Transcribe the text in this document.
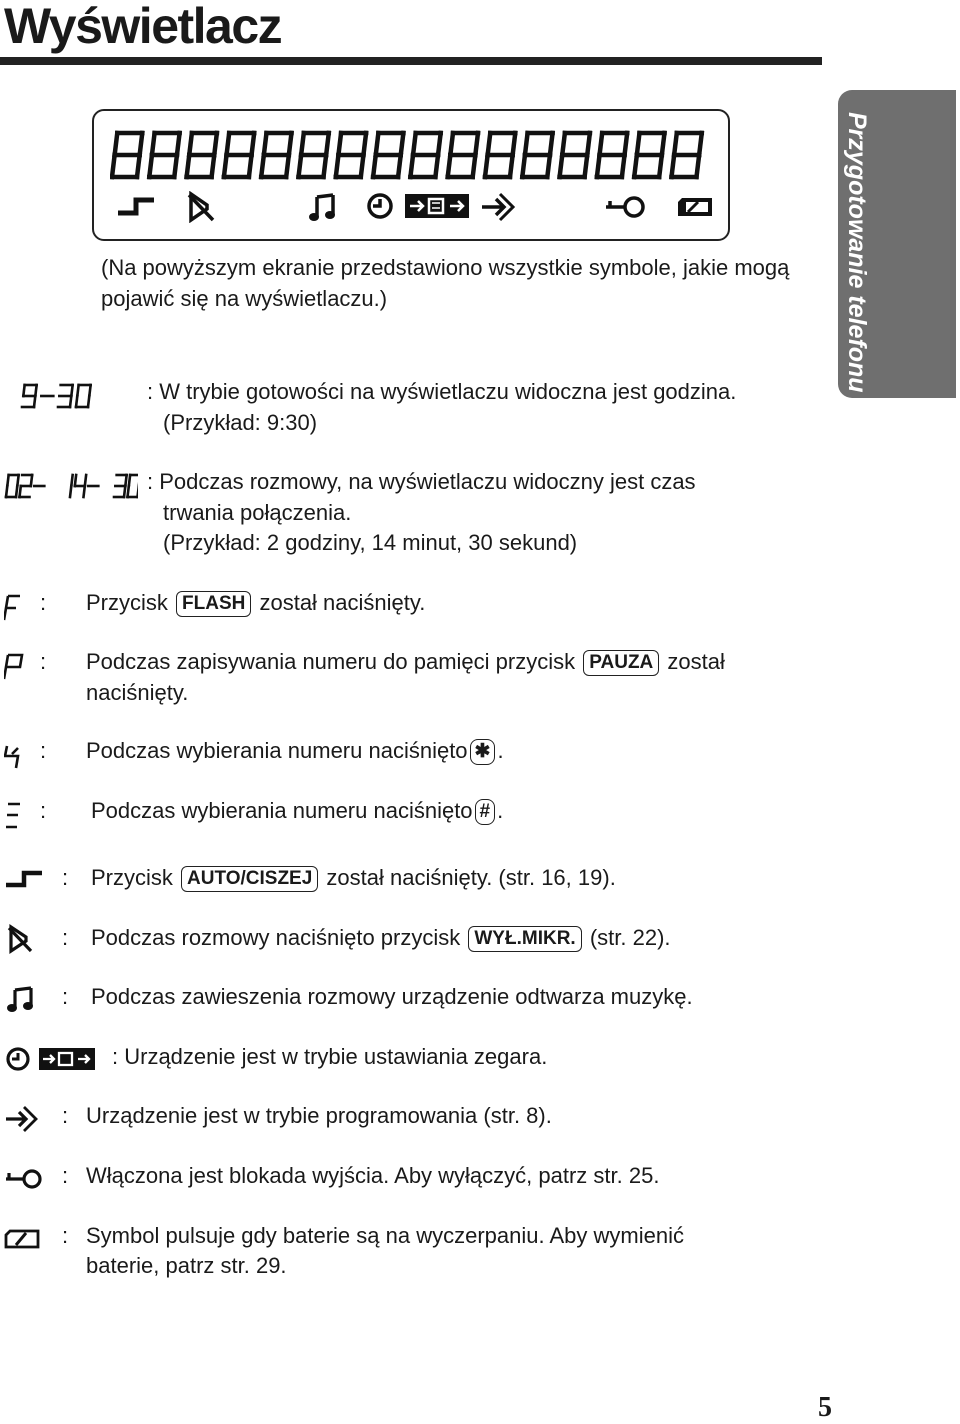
Wyświetlacz
Przygotowanie telefonu

(Na powyższym ekranie przedstawiono wszystkie symbole, jakie mogą pojawić się na wyświetlaczu.)

: W trybie gotowości na wyświetlaczu widoczna jest godzina.
(Przykład: 9:30)
: Podczas rozmowy, na wyświetlaczu widoczny jest czas
trwania połączenia.
(Przykład: 2 godziny, 14 minut, 30 sekund)
: Przycisk FLASH został naciśnięty.
: Podczas zapisywania numeru do pamięci przycisk PAUZA został
naciśnięty.
: Podczas wybierania numeru naciśnięto ✱ .
: Podczas wybierania numeru naciśnięto # .
: Przycisk AUTO/CISZEJ został naciśnięty. (str. 16, 19).
: Podczas rozmowy naciśnięto przycisk WYŁ.MIKR. (str. 22).
: Podczas zawieszenia rozmowy urządzenie odtwarza muzykę.
: Urządzenie jest w trybie ustawiania zegara.
: Urządzenie jest w trybie programowania (str. 8).
: Włączona jest blokada wyjścia. Aby wyłączyć, patrz str. 25.
: Symbol pulsuje gdy baterie są na wyczerpaniu. Aby wymienić
baterie, patrz str. 29.
5
